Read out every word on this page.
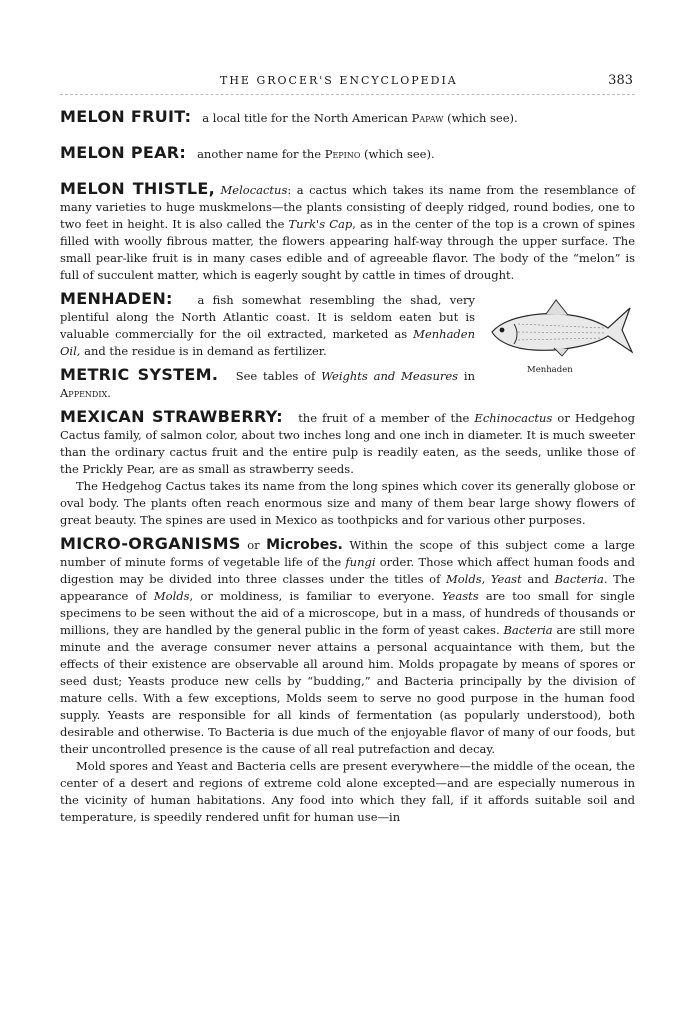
THE GROCER'S ENCYCLOPEDIA	383

MELON FRUIT: a local title for the North American Papaw (which see).

MELON PEAR: another name for the Pepino (which see).

MELON THISTLE, Melocactus: a cactus which takes its name from the resemblance of many varieties to huge muskmelons—the plants consisting of deeply ridged, round bodies, one to two feet in height. It is also called the Turk's Cap, as in the center of the top is a crown of spines filled with woolly fibrous matter, the flowers appearing half-way through the upper surface. The small pear-like fruit is in many cases edible and of agreeable flavor. The body of the “melon” is full of succulent matter, which is eagerly sought by cattle in times of drought.

Menhaden

MENHADEN: a fish somewhat resembling the shad, very plentiful along the North Atlantic coast. It is seldom eaten but is valuable commercially for the oil extracted, marketed as Menhaden Oil, and the residue is in demand as fertilizer.

METRIC SYSTEM. See tables of Weights and Measures in Appendix.

MEXICAN STRAWBERRY: the fruit of a member of the Echinocactus or Hedgehog Cactus family, of salmon color, about two inches long and one inch in diameter. It is much sweeter than the ordinary cactus fruit and the entire pulp is readily eaten, as the seeds, unlike those of the Prickly Pear, are as small as strawberry seeds.

The Hedgehog Cactus takes its name from the long spines which cover its generally globose or oval body. The plants often reach enormous size and many of them bear large showy flowers of great beauty. The spines are used in Mexico as toothpicks and for various other purposes.

MICRO-ORGANISMS or Microbes. Within the scope of this subject come a large number of minute forms of vegetable life of the fungi order. Those which affect human foods and digestion may be divided into three classes under the titles of Molds, Yeast and Bacteria. The appearance of Molds, or moldiness, is familiar to everyone. Yeasts are too small for single specimens to be seen without the aid of a microscope, but in a mass, of hundreds of thousands or millions, they are handled by the general public in the form of yeast cakes. Bacteria are still more minute and the average consumer never attains a personal acquaintance with them, but the effects of their existence are observable all around him. Molds propagate by means of spores or seed dust; Yeasts produce new cells by “budding,” and Bacteria principally by the division of mature cells. With a few exceptions, Molds seem to serve no good purpose in the human food supply. Yeasts are responsible for all kinds of fermentation (as popularly understood), both desirable and otherwise. To Bacteria is due much of the enjoyable flavor of many of our foods, but their uncontrolled presence is the cause of all real putrefaction and decay.

Mold spores and Yeast and Bacteria cells are present everywhere—the middle of the ocean, the center of a desert and regions of extreme cold alone excepted—and are especially numerous in the vicinity of human habitations. Any food into which they fall, if it affords suitable soil and temperature, is speedily rendered unfit for human use—in
